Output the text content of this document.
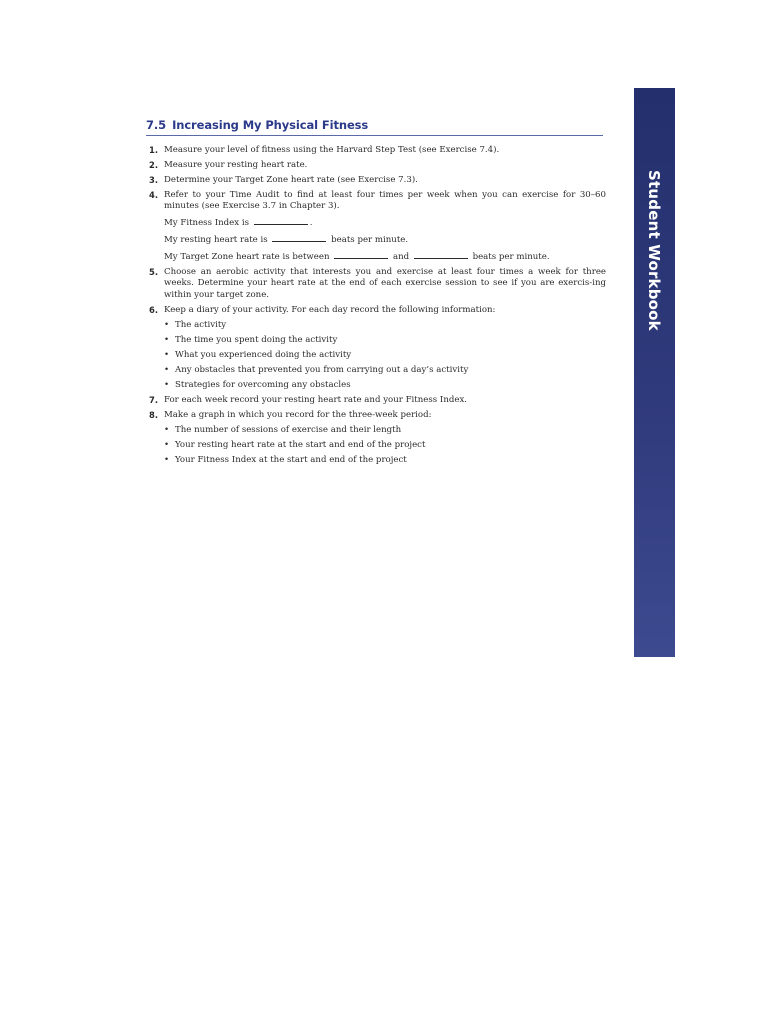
Student Workbook
7.5 Increasing My Physical Fitness
1. Measure your level of fitness using the Harvard Step Test (see Exercise 7.4).
2. Measure your resting heart rate.
3. Determine your Target Zone heart rate (see Exercise 7.3).
4. Refer to your Time Audit to find at least four times per week when you can exercise for 30–60 minutes (see Exercise 3.7 in Chapter 3).
My Fitness Index is	.
My resting heart rate is	beats per minute.
My Target Zone heart rate is between	and	beats per minute.
5. Choose an aerobic activity that interests you and exercise at least four times a week for three weeks. Determine your heart rate at the end of each exercise session to see if you are exercis-ing within your target zone.
6. Keep a diary of your activity. For each day record the following information:
• The activity
• The time you spent doing the activity
• What you experienced doing the activity
• Any obstacles that prevented you from carrying out a day’s activity
• Strategies for overcoming any obstacles
7. For each week record your resting heart rate and your Fitness Index.
8. Make a graph in which you record for the three-week period:
• The number of sessions of exercise and their length
• Your resting heart rate at the start and end of the project
• Your Fitness Index at the start and end of the project
